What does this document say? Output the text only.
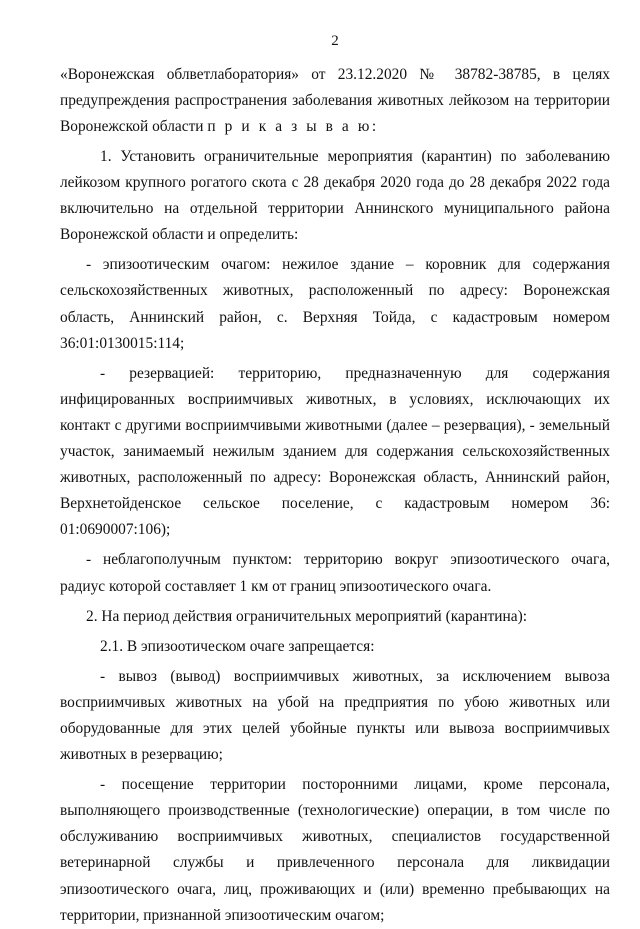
2

«Воронежская облветлаборатория» от 23.12.2020 № 38782-38785, в целях предупреждения распространения заболевания животных лейкозом на территории Воронежской области п р и к а з ы в а ю:

1. Установить ограничительные мероприятия (карантин) по заболеванию лейкозом крупного рогатого скота с 28 декабря 2020 года до 28 декабря 2022 года включительно на отдельной территории Аннинского муниципального района Воронежской области и определить:

- эпизоотическим очагом: нежилое здание – коровник для содержания сельскохозяйственных животных, расположенный по адресу: Воронежская область, Аннинский район, с. Верхняя Тойда, с кадастровым номером 36:01:0130015:114;

- резервацией: территорию, предназначенную для содержания инфицированных восприимчивых животных, в условиях, исключающих их контакт с другими восприимчивыми животными (далее – резервация), - земельный участок, занимаемый нежилым зданием для содержания сельскохозяйственных животных, расположенный по адресу: Воронежская область, Аннинский район, Верхнетойденское сельское поселение, с кадастровым номером 36: 01:0690007:106);

- неблагополучным пунктом: территорию вокруг эпизоотического очага, радиус которой составляет 1 км от границ эпизоотического очага.

2. На период действия ограничительных мероприятий (карантина):

2.1. В эпизоотическом очаге запрещается:

- вывоз (вывод) восприимчивых животных, за исключением вывоза восприимчивых животных на убой на предприятия по убою животных или оборудованные для этих целей убойные пункты или вывоза восприимчивых животных в резервацию;

- посещение территории посторонними лицами, кроме персонала, выполняющего производственные (технологические) операции, в том числе по обслуживанию восприимчивых животных, специалистов государственной ветеринарной службы и привлеченного персонала для ликвидации эпизоотического очага, лиц, проживающих и (или) временно пребывающих на территории, признанной эпизоотическим очагом;
